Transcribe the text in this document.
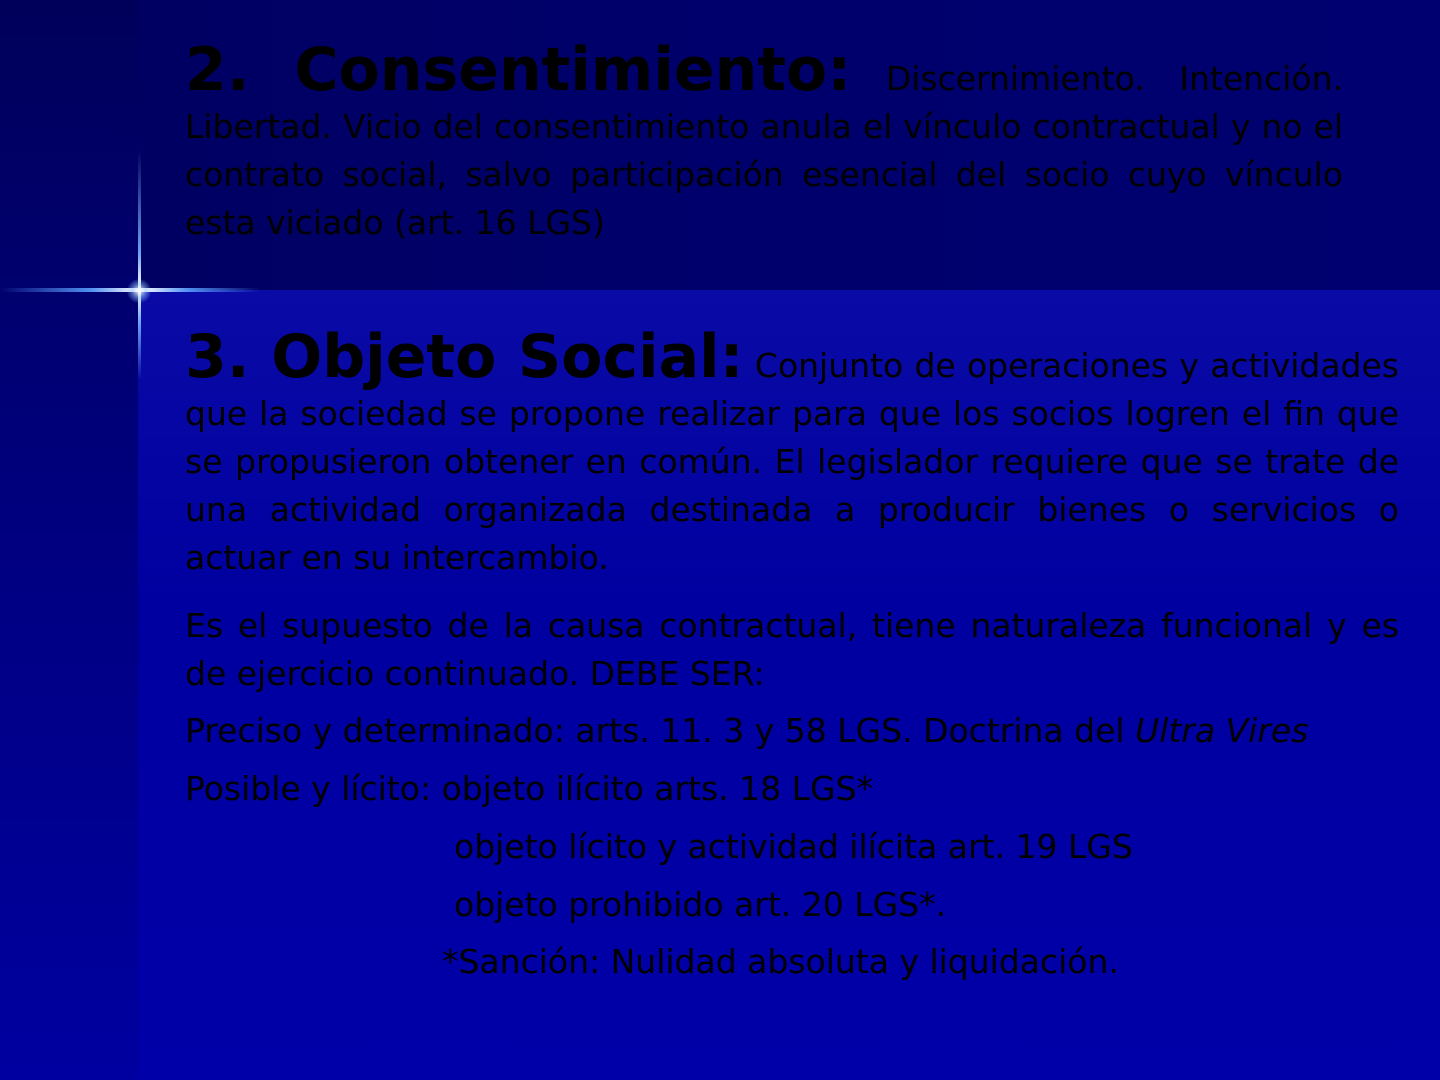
2. Consentimiento: Discernimiento. Intención. Libertad. Vicio del consentimiento anula el vínculo contractual y no el contrato social, salvo participación esencial del socio cuyo vínculo esta viciado (art. 16 LGS)

3. Objeto Social: Conjunto de operaciones y actividades que la sociedad se propone realizar para que los socios logren el fin que se propusieron obtener en común. El legislador requiere que se trate de una actividad organizada destinada a producir bienes o servicios o actuar en su intercambio.

Es el supuesto de la causa contractual, tiene naturaleza funcional y es de ejercicio continuado. DEBE SER:

Preciso y determinado: arts. 11. 3 y 58 LGS. Doctrina del Ultra Vires

Posible y lícito: objeto ilícito arts. 18 LGS*

objeto lícito y actividad ilícita art. 19 LGS

objeto prohibido art. 20 LGS*.

*Sanción: Nulidad absoluta y liquidación.
